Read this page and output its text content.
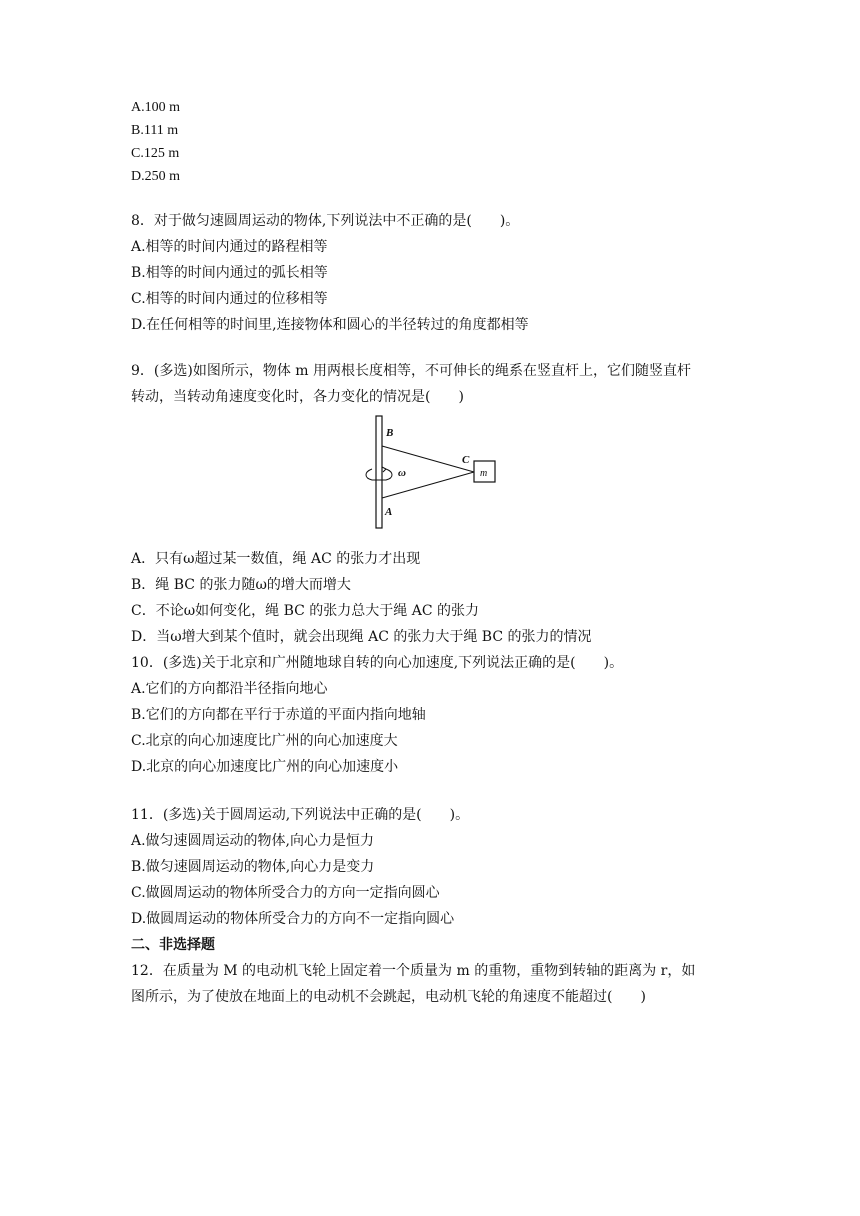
A.100 m
B.111 m
C.125 m
D.250 m
8．对于做匀速圆周运动的物体,下列说法中不正确的是(　　)。
A.相等的时间内通过的路程相等
B.相等的时间内通过的弧长相等
C.相等的时间内通过的位移相等
D.在任何相等的时间里,连接物体和圆心的半径转过的角度都相等
9．(多选)如图所示，物体 m 用两根长度相等，不可伸长的绳系在竖直杆上，它们随竖直杆
转动，当转动角速度变化时，各力变化的情况是(　　)
B
A
C
ω	m
A．只有ω超过某一数值，绳 AC 的张力才出现
B．绳 BC 的张力随ω的增大而增大
C．不论ω如何变化，绳 BC 的张力总大于绳 AC 的张力
D．当ω增大到某个值时，就会出现绳 AC 的张力大于绳 BC 的张力的情况
10．(多选)关于北京和广州随地球自转的向心加速度,下列说法正确的是(　　)。
A.它们的方向都沿半径指向地心
B.它们的方向都在平行于赤道的平面内指向地轴
C.北京的向心加速度比广州的向心加速度大
D.北京的向心加速度比广州的向心加速度小
11．(多选)关于圆周运动,下列说法中正确的是(　　)。
A.做匀速圆周运动的物体,向心力是恒力
B.做匀速圆周运动的物体,向心力是变力
C.做圆周运动的物体所受合力的方向一定指向圆心
D.做圆周运动的物体所受合力的方向不一定指向圆心
二、非选择题
12．在质量为 M 的电动机飞轮上固定着一个质量为 m 的重物，重物到转轴的距离为 r，如
图所示，为了使放在地面上的电动机不会跳起，电动机飞轮的角速度不能超过(　　)
